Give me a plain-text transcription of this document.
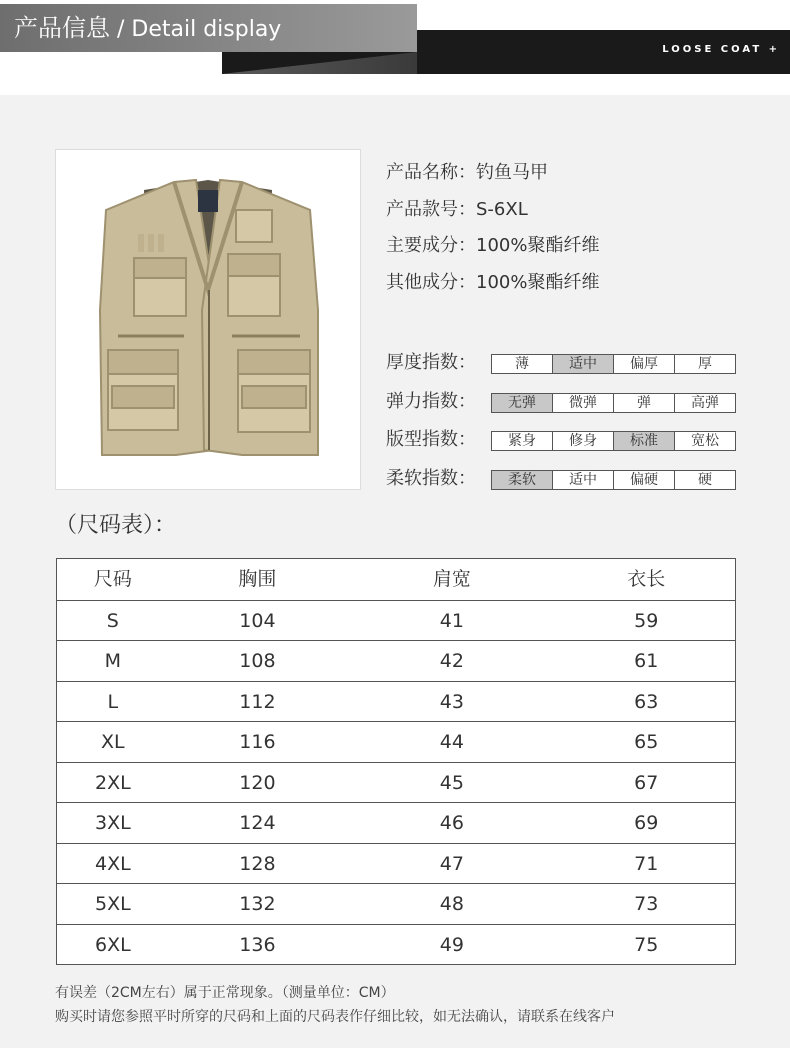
产品信息 / Detail display
LOOSE COAT +
产品名称：钓鱼马甲
产品款号：S-6XL
主要成分：100%聚酯纤维
其他成分：100%聚酯纤维
厚度指数：	薄	适中	偏厚	厚
弹力指数：	无弹	微弹	弹	高弹
版型指数：	紧身	修身	标准	宽松
柔软指数：	柔软	适中	偏硬	硬
（尺码表）：
尺码	胸围	肩宽	衣长
S	104	41	59
M	108	42	61
L	112	43	63
XL	116	44	65
2XL	120	45	67
3XL	124	46	69
4XL	128	47	71
5XL	132	48	73
6XL	136	49	75
有误差（2CM左右）属于正常现象。（测量单位：CM）
购买时请您参照平时所穿的尺码和上面的尺码表作仔细比较，如无法确认，请联系在线客户
